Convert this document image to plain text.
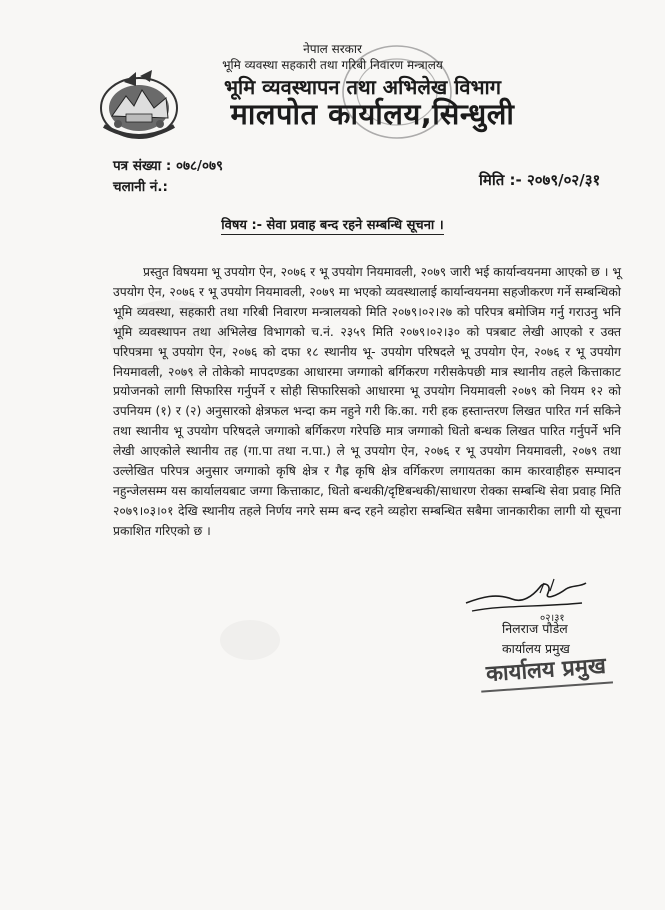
नेपाल सरकार
भूमि व्यवस्था सहकारी तथा गरिबी निवारण मन्त्रालय
भूमि व्यवस्थापन तथा अभिलेख विभाग
मालपोत कार्यालय,सिन्धुली
पत्र संख्या : ०७८/०७९
चलानी नं.:	मिति :- २०७९/०२/३१
विषय :- सेवा प्रवाह बन्द रहने सम्बन्धि सूचना ।
प्रस्तुत विषयमा भू उपयोग ऐन, २०७६ र भू उपयोग नियमावली, २०७९ जारी भई कार्यान्वयनमा आएको छ । भू उपयोग ऐन, २०७६ र भू उपयोग नियमावली, २०७९ मा भएको व्यवस्थालाई कार्यान्वयनमा सहजीकरण गर्ने सम्बन्धिको भूमि व्यवस्था, सहकारी तथा गरिबी निवारण मन्त्रालयको मिति २०७९।०२।२७ को परिपत्र बमोजिम गर्नु गराउनु भनि भूमि व्यवस्थापन तथा अभिलेख विभागको च.नं. २३५९ मिति २०७९।०२।३० को पत्रबाट लेखी आएको र उक्त परिपत्रमा भू उपयोग ऐन, २०७६ को दफा १८ स्थानीय भू- उपयोग परिषदले भू उपयोग ऐन, २०७६ र भू उपयोग नियमावली, २०७९ ले तोकेको मापदण्डका आधारमा जग्गाको बर्गिकरण गरीसकेपछी मात्र स्थानीय तहले कित्ताकाट प्रयोजनको लागी सिफारिस गर्नुपर्ने र सोही सिफारिसको आधारमा भू उपयोग नियमावली २०७९ को नियम १२ को उपनियम (१) र (२) अनुसारको क्षेत्रफल भन्दा कम नहुने गरी कि.का. गरी हक हस्तान्तरण लिखत पारित गर्न सकिने तथा स्थानीय भू उपयोग परिषदले जग्गाको बर्गिकरण गरेपछि मात्र जग्गाको धितो बन्धक लिखत पारित गर्नुपर्ने भनि लेखी आएकोले स्थानीय तह (गा.पा तथा न.पा.) ले भू उपयोग ऐन, २०७६ र भू उपयोग नियमावली, २०७९ तथा उल्लेखित परिपत्र अनुसार जग्गाको कृषि क्षेत्र र गैह्र कृषि क्षेत्र वर्गिकरण लगायतका काम कारवाहीहरु सम्पादन नहुन्जेलसम्म यस कार्यालयबाट जग्गा कित्ताकाट, धितो बन्धकी/दृष्टिबन्धकी/साधारण रोक्का सम्बन्धि सेवा प्रवाह मिति २०७९।०३।०१ देखि स्थानीय तहले निर्णय नगरे सम्म बन्द रहने व्यहोरा सम्बन्धित सबैमा जानकारीका लागी यो सूचना प्रकाशित गरिएको छ ।
०२।३१
निलराज पौडेल
कार्यालय प्रमुख
कार्यालय प्रमुख
